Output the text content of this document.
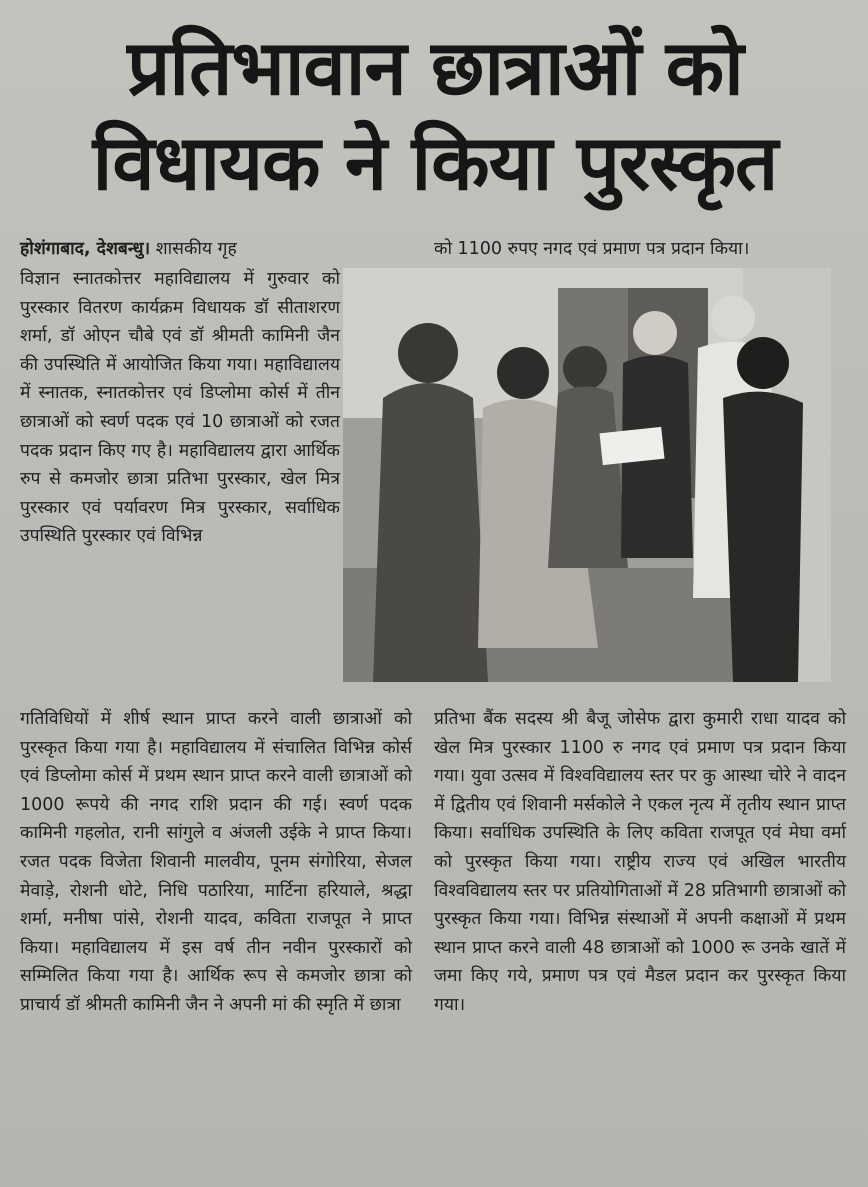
प्रतिभावान छात्राओं को
विधायक ने किया पुरस्कृत
होशंगाबाद, देशबन्धु। शासकीय गृह

विज्ञान स्नातकोत्तर महाविद्यालय में गुरुवार को पुरस्कार वितरण कार्यक्रम विधायक डॉ सीताशरण शर्मा, डॉ ओएन चौबे एवं डॉ श्रीमती कामिनी जैन की उपस्थिति में आयोजित किया गया। महाविद्यालय में स्नातक, स्नातकोत्तर एवं डिप्लोमा कोर्स में तीन छात्राओं को स्वर्ण पदक एवं 10 छात्राओं को रजत पदक प्रदान किए गए है। महाविद्यालय द्वारा आर्थिक रुप से कमजोर छात्रा प्रतिभा पुरस्कार, खेल मित्र पुरस्कार एवं पर्यावरण मित्र पुरस्कार, सर्वाधिक उपस्थिति पुरस्कार एवं विभिन्न

को 1100 रुपए नगद एवं प्रमाण पत्र प्रदान किया।

गतिविधियों में शीर्ष स्थान प्राप्त करने वाली छात्राओं को पुरस्कृत किया गया है। महाविद्यालय में संचालित विभिन्न कोर्स एवं डिप्लोमा कोर्स में प्रथम स्थान प्राप्त करने वाली छात्राओं को 1000 रूपये की नगद राशि प्रदान की गई। स्वर्ण पदक कामिनी गहलोत, रानी सांगुले व अंजली उईके ने प्राप्त किया। रजत पदक विजेता शिवानी मालवीय, पूनम संगोरिया, सेजल मेवाड़े, रोशनी धोटे, निधि पठारिया, मार्टिना हरियाले, श्रद्धा शर्मा, मनीषा पांसे, रोशनी यादव, कविता राजपूत ने प्राप्त किया। महाविद्यालय में इस वर्ष तीन नवीन पुरस्कारों को सम्मिलित किया गया है। आर्थिक रूप से कमजोर छात्रा को प्राचार्य डॉ श्रीमती कामिनी जैन ने अपनी मां की स्मृति में छात्रा

प्रतिभा बैंक सदस्य श्री बैजू जोसेफ द्वारा कुमारी राधा यादव को खेल मित्र पुरस्कार 1100 रु नगद एवं प्रमाण पत्र प्रदान किया गया। युवा उत्सव में विश्वविद्यालय स्तर पर कु आस्था चोरे ने वादन में द्वितीय एवं शिवानी मर्सकोले ने एकल नृत्य में तृतीय स्थान प्राप्त किया। सर्वाधिक उपस्थिति के लिए कविता राजपूत एवं मेघा वर्मा को पुरस्कृत किया गया। राष्ट्रीय राज्य एवं अखिल भारतीय विश्वविद्यालय स्तर पर प्रतियोगिताओं में 28 प्रतिभागी छात्राओं को पुरस्कृत किया गया। विभिन्न संस्थाओं में अपनी कक्षाओं में प्रथम स्थान प्राप्त करने वाली 48 छात्राओं को 1000 रू उनके खातें में जमा किए गये, प्रमाण पत्र एवं मैडल प्रदान कर पुरस्कृत किया गया।
